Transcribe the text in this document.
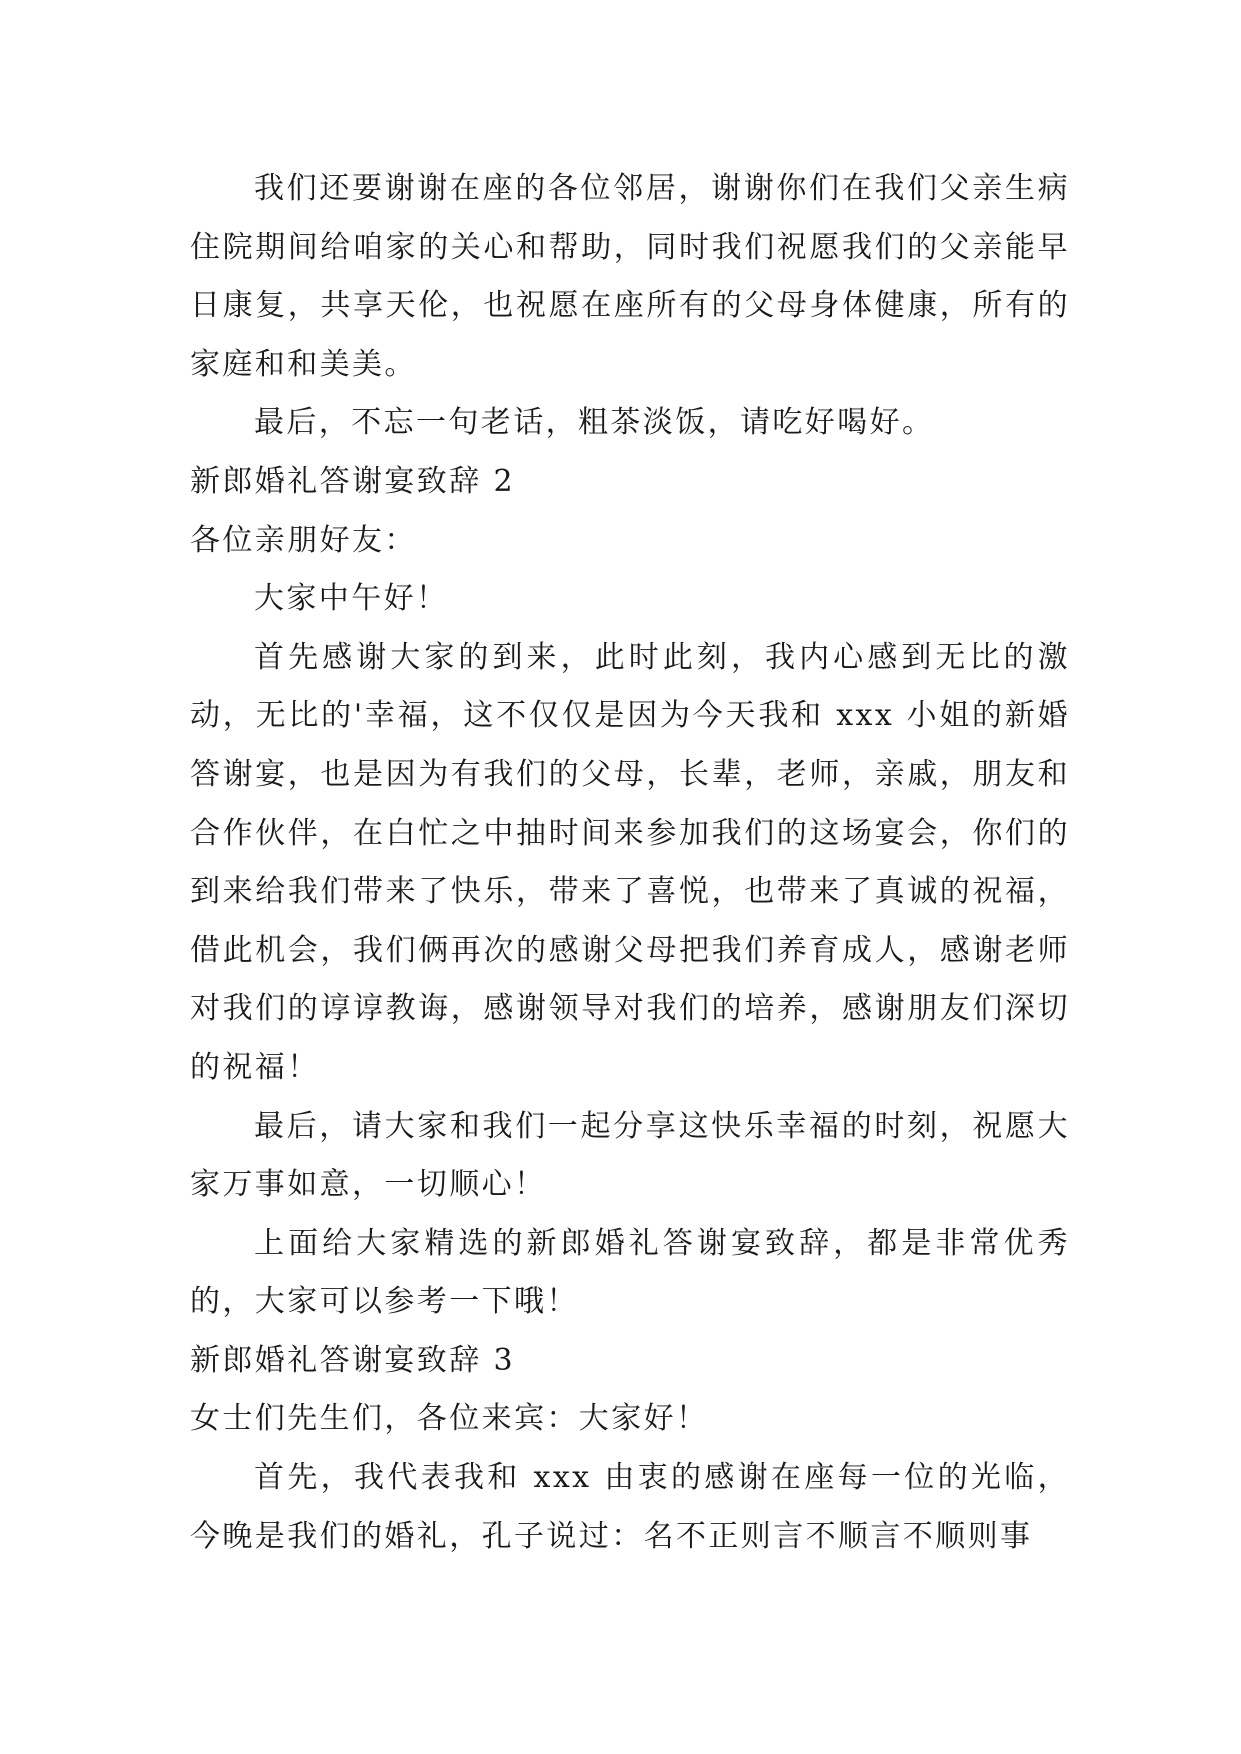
我们还要谢谢在座的各位邻居，谢谢你们在我们父亲生病住院期间给咱家的关心和帮助，同时我们祝愿我们的父亲能早日康复，共享天伦，也祝愿在座所有的父母身体健康，所有的家庭和和美美。

最后，不忘一句老话，粗茶淡饭，请吃好喝好。

新郎婚礼答谢宴致辞 2

各位亲朋好友：

大家中午好！

首先感谢大家的到来，此时此刻，我内心感到无比的激动，无比的'幸福，这不仅仅是因为今天我和 xxx 小姐的新婚答谢宴，也是因为有我们的父母，长辈，老师，亲戚，朋友和合作伙伴，在白忙之中抽时间来参加我们的这场宴会，你们的到来给我们带来了快乐，带来了喜悦，也带来了真诚的祝福，借此机会，我们俩再次的感谢父母把我们养育成人，感谢老师对我们的谆谆教诲，感谢领导对我们的培养，感谢朋友们深切的祝福！

最后，请大家和我们一起分享这快乐幸福的时刻，祝愿大家万事如意，一切顺心！

上面给大家精选的新郎婚礼答谢宴致辞，都是非常优秀的，大家可以参考一下哦！

新郎婚礼答谢宴致辞 3

女士们先生们，各位来宾：大家好！

首先，我代表我和 xxx 由衷的感谢在座每一位的光临，今晚是我们的婚礼，孔子说过：名不正则言不顺言不顺则事
